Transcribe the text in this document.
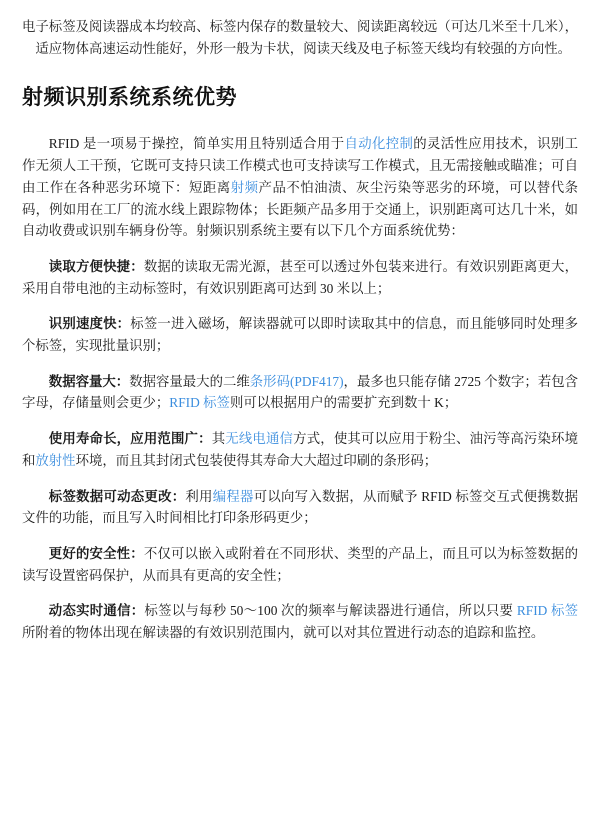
电子标签及阅读器成本均较高、标签内保存的数量较大、阅读距离较远（可达几米至十几米），     适应物体高速运动性能好，外形一般为卡状，阅读天线及电子标签天线均有较强的方向性。

射频识别系统系统优势

RFID 是一项易于操控，简单实用且特别适合用于自动化控制的灵活性应用技术，识别工作无须人工干预，它既可支持只读工作模式也可支持读写工作模式，且无需接触或瞄准；可自由工作在各种恶劣环境下：短距离射频产品不怕油渍、灰尘污染等恶劣的环境，可以替代条码，例如用在工厂的流水线上跟踪物体；长距频产品多用于交通上，识别距离可达几十米，如自动收费或识别车辆身份等。射频识别系统主要有以下几个方面系统优势：

读取方便快捷：数据的读取无需光源，甚至可以透过外包装来进行。有效识别距离更大，采用自带电池的主动标签时，有效识别距离可达到 30 米以上；

识别速度快：标签一进入磁场，解读器就可以即时读取其中的信息，而且能够同时处理多个标签，实现批量识别；

数据容量大：数据容量最大的二维条形码(PDF417)，最多也只能存储 2725 个数字；若包含字母，存储量则会更少；RFID 标签则可以根据用户的需要扩充到数十 K；

使用寿命长，应用范围广：其无线电通信方式，使其可以应用于粉尘、油污等高污染环境和放射性环境，而且其封闭式包装使得其寿命大大超过印刷的条形码；

标签数据可动态更改：利用编程器可以向写入数据，从而赋予 RFID 标签交互式便携数据文件的功能，而且写入时间相比打印条形码更少；

更好的安全性：不仅可以嵌入或附着在不同形状、类型的产品上，而且可以为标签数据的读写设置密码保护，从而具有更高的安全性；

动态实时通信：标签以与每秒 50～100 次的频率与解读器进行通信，所以只要 RFID 标签所附着的物体出现在解读器的有效识别范围内，就可以对其位置进行动态的追踪和监控。
